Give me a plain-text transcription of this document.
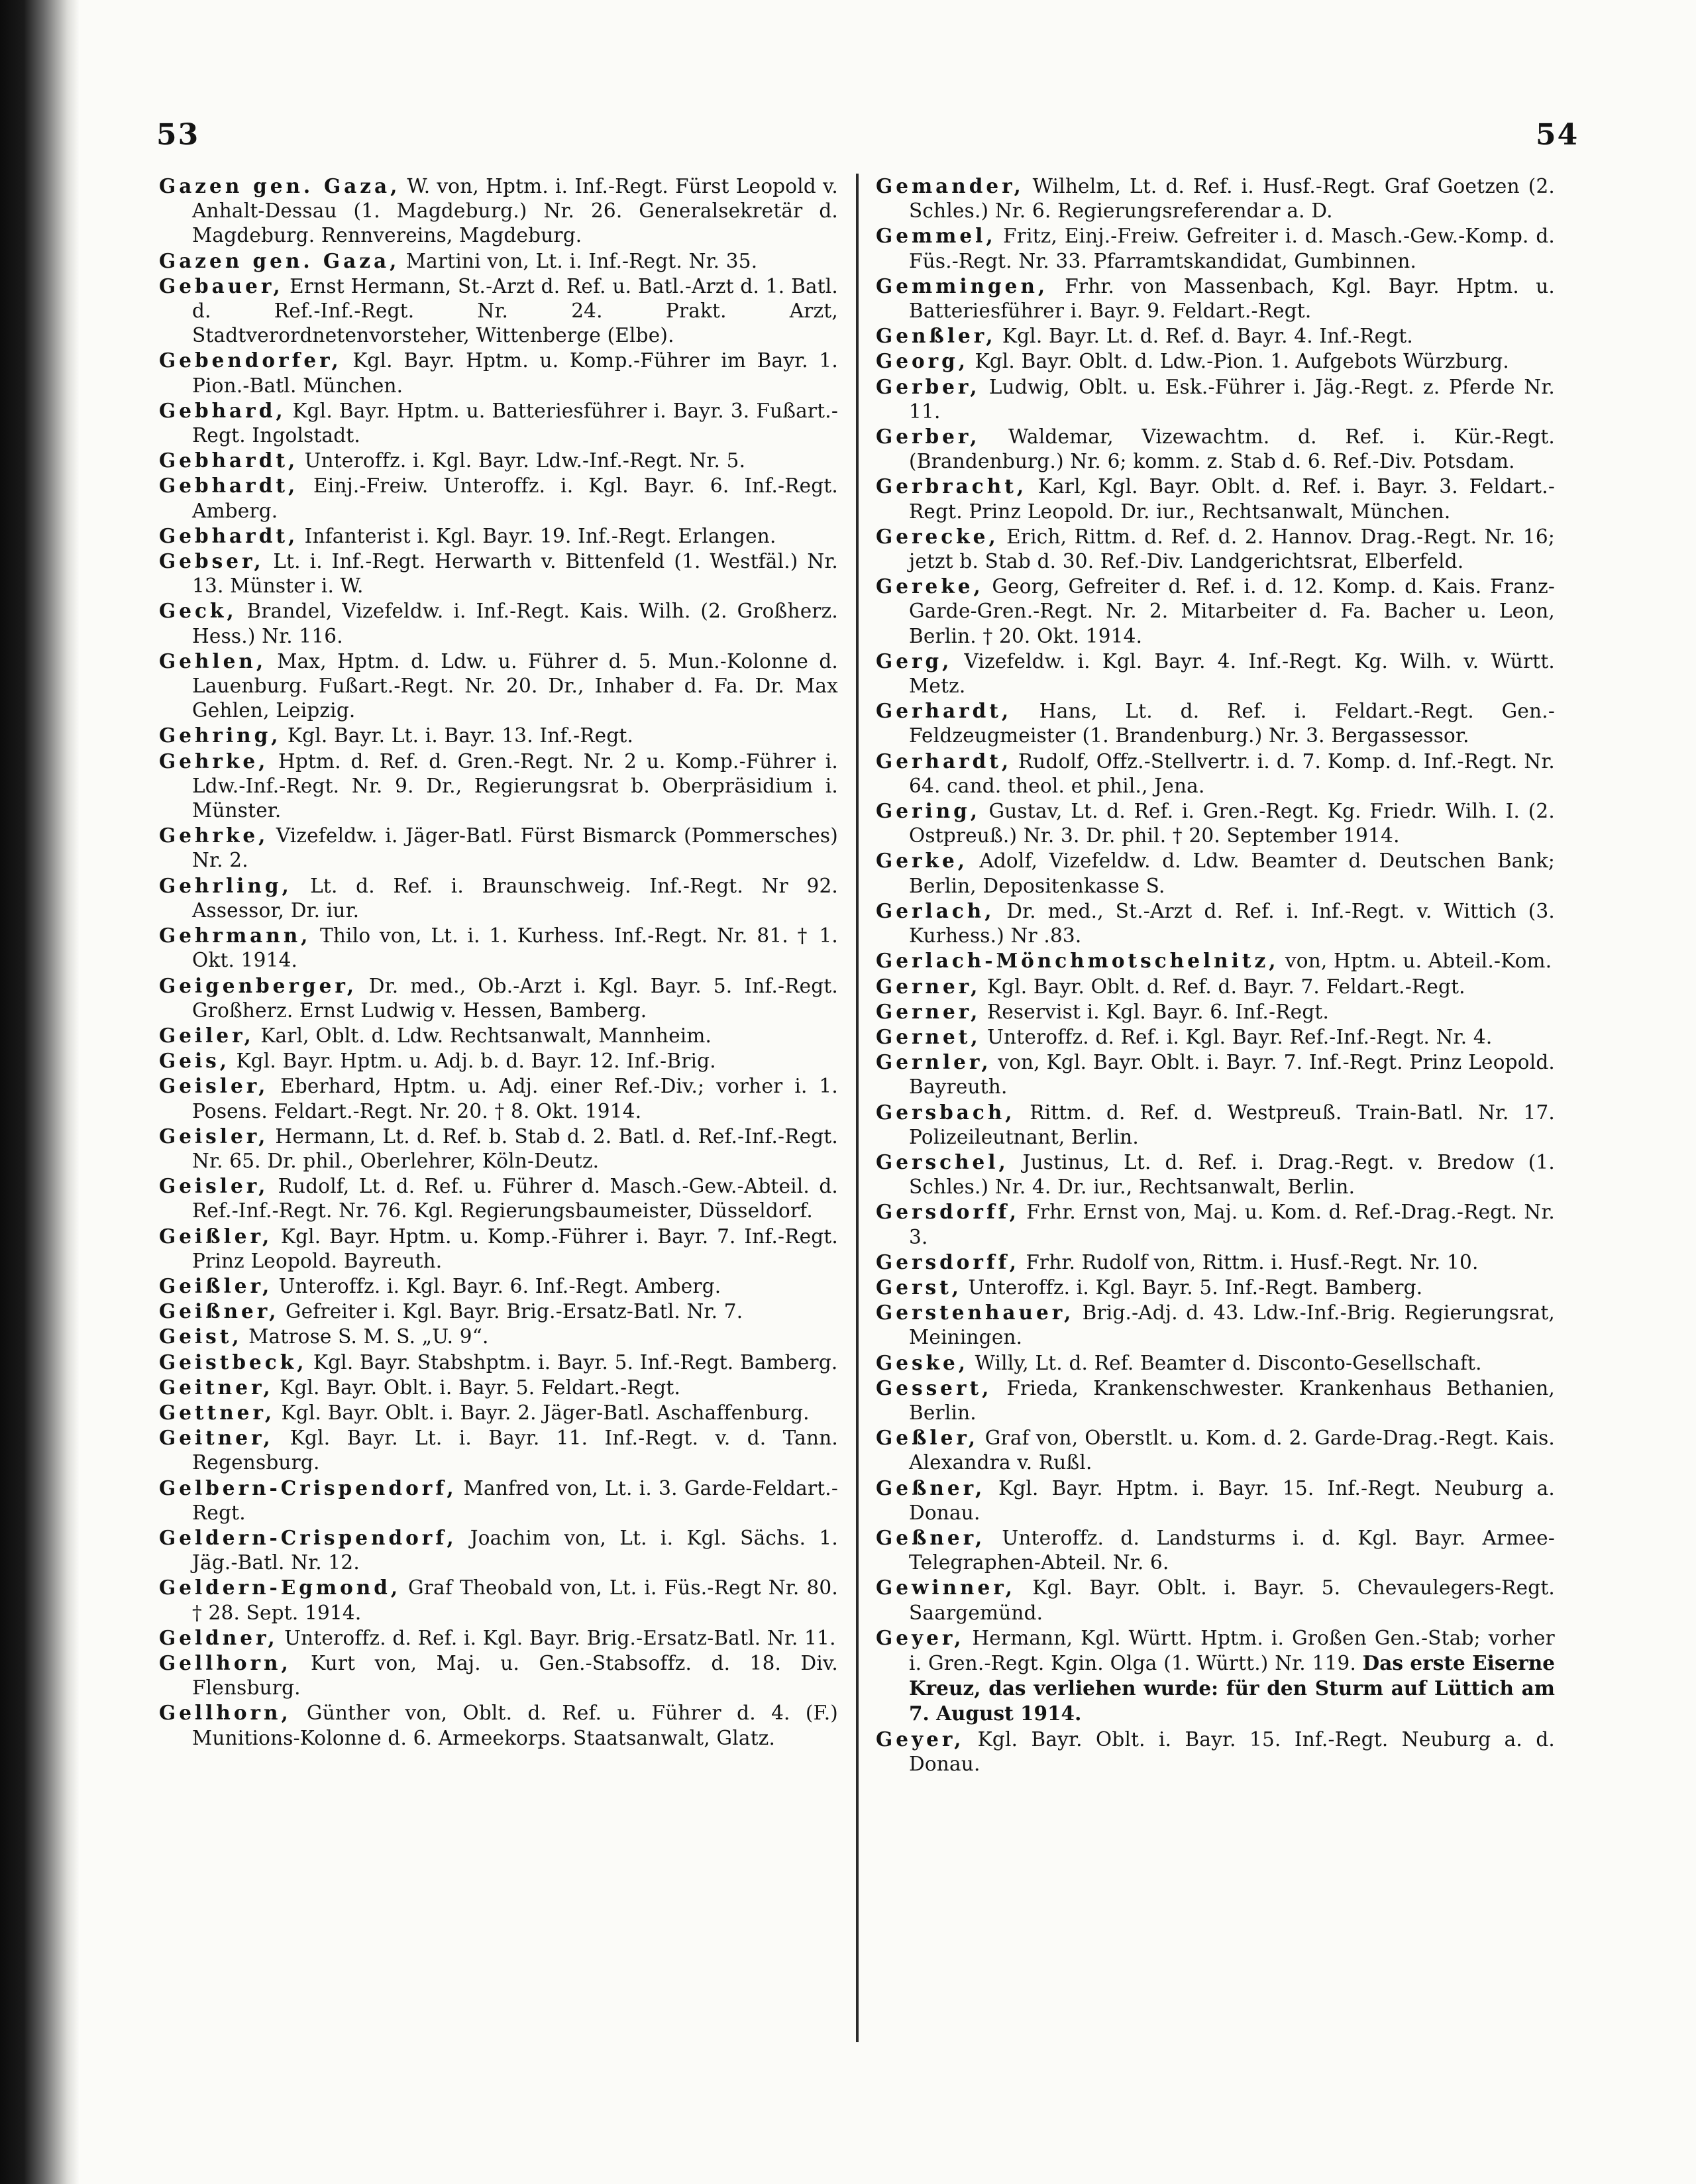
53	54

Gazen gen. Gaza, W. von, Hptm. i. Inf.-Regt. Fürst Leopold v. Anhalt-Dessau (1. Magdeburg.) Nr. 26. Generalsekretär d. Magdeburg. Rennvereins, Magdeburg.

Gazen gen. Gaza, Martini von, Lt. i. Inf.-Regt. Nr. 35.

Gebauer, Ernst Hermann, St.-Arzt d. Ref. u. Batl.-Arzt d. 1. Batl. d. Ref.-Inf.-Regt. Nr. 24. Prakt. Arzt, Stadtverordnetenvorsteher, Wittenberge (Elbe).

Gebendorfer, Kgl. Bayr. Hptm. u. Komp.-Führer im Bayr. 1. Pion.-Batl. München.

Gebhard, Kgl. Bayr. Hptm. u. Batteriesführer i. Bayr. 3. Fußart.-Regt. Ingolstadt.

Gebhardt, Unteroffz. i. Kgl. Bayr. Ldw.-Inf.-Regt. Nr. 5.

Gebhardt, Einj.-Freiw. Unteroffz. i. Kgl. Bayr. 6. Inf.-Regt. Amberg.

Gebhardt, Infanterist i. Kgl. Bayr. 19. Inf.-Regt. Erlangen.

Gebser, Lt. i. Inf.-Regt. Herwarth v. Bittenfeld (1. Westfäl.) Nr. 13. Münster i. W.

Geck, Brandel, Vizefeldw. i. Inf.-Regt. Kais. Wilh. (2. Großherz. Hess.) Nr. 116.

Gehlen, Max, Hptm. d. Ldw. u. Führer d. 5. Mun.-Kolonne d. Lauenburg. Fußart.-Regt. Nr. 20. Dr., Inhaber d. Fa. Dr. Max Gehlen, Leipzig.

Gehring, Kgl. Bayr. Lt. i. Bayr. 13. Inf.-Regt.

Gehrke, Hptm. d. Ref. d. Gren.-Regt. Nr. 2 u. Komp.-Führer i. Ldw.-Inf.-Regt. Nr. 9. Dr., Regierungsrat b. Oberpräsidium i. Münster.

Gehrke, Vizefeldw. i. Jäger-Batl. Fürst Bismarck (Pommersches) Nr. 2.

Gehrling, Lt. d. Ref. i. Braunschweig. Inf.-Regt. Nr 92. Assessor, Dr. iur.

Gehrmann, Thilo von, Lt. i. 1. Kurhess. Inf.-Regt. Nr. 81. † 1. Okt. 1914.

Geigenberger, Dr. med., Ob.-Arzt i. Kgl. Bayr. 5. Inf.-Regt. Großherz. Ernst Ludwig v. Hessen, Bamberg.

Geiler, Karl, Oblt. d. Ldw. Rechtsanwalt, Mannheim.

Geis, Kgl. Bayr. Hptm. u. Adj. b. d. Bayr. 12. Inf.-Brig.

Geisler, Eberhard, Hptm. u. Adj. einer Ref.-Div.; vorher i. 1. Posens. Feldart.-Regt. Nr. 20. † 8. Okt. 1914.

Geisler, Hermann, Lt. d. Ref. b. Stab d. 2. Batl. d. Ref.-Inf.-Regt. Nr. 65. Dr. phil., Oberlehrer, Köln-Deutz.

Geisler, Rudolf, Lt. d. Ref. u. Führer d. Masch.-Gew.-Abteil. d. Ref.-Inf.-Regt. Nr. 76. Kgl. Regierungsbaumeister, Düsseldorf.

Geißler, Kgl. Bayr. Hptm. u. Komp.-Führer i. Bayr. 7. Inf.-Regt. Prinz Leopold. Bayreuth.

Geißler, Unteroffz. i. Kgl. Bayr. 6. Inf.-Regt. Amberg.

Geißner, Gefreiter i. Kgl. Bayr. Brig.-Ersatz-Batl. Nr. 7.

Geist, Matrose S. M. S. „U. 9“.

Geistbeck, Kgl. Bayr. Stabshptm. i. Bayr. 5. Inf.-Regt. Bamberg.

Geitner, Kgl. Bayr. Oblt. i. Bayr. 5. Feldart.-Regt.

Gettner, Kgl. Bayr. Oblt. i. Bayr. 2. Jäger-Batl. Aschaffenburg.

Geitner, Kgl. Bayr. Lt. i. Bayr. 11. Inf.-Regt. v. d. Tann. Regensburg.

Gelbern-Crispendorf, Manfred von, Lt. i. 3. Garde-Feldart.-Regt.

Geldern-Crispendorf, Joachim von, Lt. i. Kgl. Sächs. 1. Jäg.-Batl. Nr. 12.

Geldern-Egmond, Graf Theobald von, Lt. i. Füs.-Regt Nr. 80. † 28. Sept. 1914.

Geldner, Unteroffz. d. Ref. i. Kgl. Bayr. Brig.-Ersatz-Batl. Nr. 11.

Gellhorn, Kurt von, Maj. u. Gen.-Stabsoffz. d. 18. Div. Flensburg.

Gellhorn, Günther von, Oblt. d. Ref. u. Führer d. 4. (F.) Munitions-Kolonne d. 6. Armeekorps. Staatsanwalt, Glatz.

Gemander, Wilhelm, Lt. d. Ref. i. Husf.-Regt. Graf Goetzen (2. Schles.) Nr. 6. Regierungsreferendar a. D.

Gemmel, Fritz, Einj.-Freiw. Gefreiter i. d. Masch.-Gew.-Komp. d. Füs.-Regt. Nr. 33. Pfarramtskandidat, Gumbinnen.

Gemmingen, Frhr. von Massenbach, Kgl. Bayr. Hptm. u. Batteriesführer i. Bayr. 9. Feldart.-Regt.

Genßler, Kgl. Bayr. Lt. d. Ref. d. Bayr. 4. Inf.-Regt.

Georg, Kgl. Bayr. Oblt. d. Ldw.-Pion. 1. Aufgebots Würzburg.

Gerber, Ludwig, Oblt. u. Esk.-Führer i. Jäg.-Regt. z. Pferde Nr. 11.

Gerber, Waldemar, Vizewachtm. d. Ref. i. Kür.-Regt. (Brandenburg.) Nr. 6; komm. z. Stab d. 6. Ref.-Div. Potsdam.

Gerbracht, Karl, Kgl. Bayr. Oblt. d. Ref. i. Bayr. 3. Feldart.-Regt. Prinz Leopold. Dr. iur., Rechtsanwalt, München.

Gerecke, Erich, Rittm. d. Ref. d. 2. Hannov. Drag.-Regt. Nr. 16; jetzt b. Stab d. 30. Ref.-Div. Landgerichtsrat, Elberfeld.

Gereke, Georg, Gefreiter d. Ref. i. d. 12. Komp. d. Kais. Franz-Garde-Gren.-Regt. Nr. 2. Mitarbeiter d. Fa. Bacher u. Leon, Berlin. † 20. Okt. 1914.

Gerg, Vizefeldw. i. Kgl. Bayr. 4. Inf.-Regt. Kg. Wilh. v. Württ. Metz.

Gerhardt, Hans, Lt. d. Ref. i. Feldart.-Regt. Gen.-Feldzeugmeister (1. Brandenburg.) Nr. 3. Bergassessor.

Gerhardt, Rudolf, Offz.-Stellvertr. i. d. 7. Komp. d. Inf.-Regt. Nr. 64. cand. theol. et phil., Jena.

Gering, Gustav, Lt. d. Ref. i. Gren.-Regt. Kg. Friedr. Wilh. I. (2. Ostpreuß.) Nr. 3. Dr. phil. † 20. September 1914.

Gerke, Adolf, Vizefeldw. d. Ldw. Beamter d. Deutschen Bank; Berlin, Depositenkasse S.

Gerlach, Dr. med., St.-Arzt d. Ref. i. Inf.-Regt. v. Wittich (3. Kurhess.) Nr .83.

Gerlach-Mönchmotschelnitz, von, Hptm. u. Abteil.-Kom.

Gerner, Kgl. Bayr. Oblt. d. Ref. d. Bayr. 7. Feldart.-Regt.

Gerner, Reservist i. Kgl. Bayr. 6. Inf.-Regt.

Gernet, Unteroffz. d. Ref. i. Kgl. Bayr. Ref.-Inf.-Regt. Nr. 4.

Gernler, von, Kgl. Bayr. Oblt. i. Bayr. 7. Inf.-Regt. Prinz Leopold. Bayreuth.

Gersbach, Rittm. d. Ref. d. Westpreuß. Train-Batl. Nr. 17. Polizeileutnant, Berlin.

Gerschel, Justinus, Lt. d. Ref. i. Drag.-Regt. v. Bredow (1. Schles.) Nr. 4. Dr. iur., Rechtsanwalt, Berlin.

Gersdorff, Frhr. Ernst von, Maj. u. Kom. d. Ref.-Drag.-Regt. Nr. 3.

Gersdorff, Frhr. Rudolf von, Rittm. i. Husf.-Regt. Nr. 10.

Gerst, Unteroffz. i. Kgl. Bayr. 5. Inf.-Regt. Bamberg.

Gerstenhauer, Brig.-Adj. d. 43. Ldw.-Inf.-Brig. Regierungsrat, Meiningen.

Geske, Willy, Lt. d. Ref. Beamter d. Disconto-Gesellschaft.

Gessert, Frieda, Krankenschwester. Krankenhaus Bethanien, Berlin.

Geßler, Graf von, Oberstlt. u. Kom. d. 2. Garde-Drag.-Regt. Kais. Alexandra v. Rußl.

Geßner, Kgl. Bayr. Hptm. i. Bayr. 15. Inf.-Regt. Neuburg a. Donau.

Geßner, Unteroffz. d. Landsturms i. d. Kgl. Bayr. Armee-Telegraphen-Abteil. Nr. 6.

Gewinner, Kgl. Bayr. Oblt. i. Bayr. 5. Chevaulegers-Regt. Saargemünd.

Geyer, Hermann, Kgl. Württ. Hptm. i. Großen Gen.-Stab; vorher i. Gren.-Regt. Kgin. Olga (1. Württ.) Nr. 119. Das erste Eiserne Kreuz, das verliehen wurde: für den Sturm auf Lüttich am 7. August 1914.

Geyer, Kgl. Bayr. Oblt. i. Bayr. 15. Inf.-Regt. Neuburg a. d. Donau.
